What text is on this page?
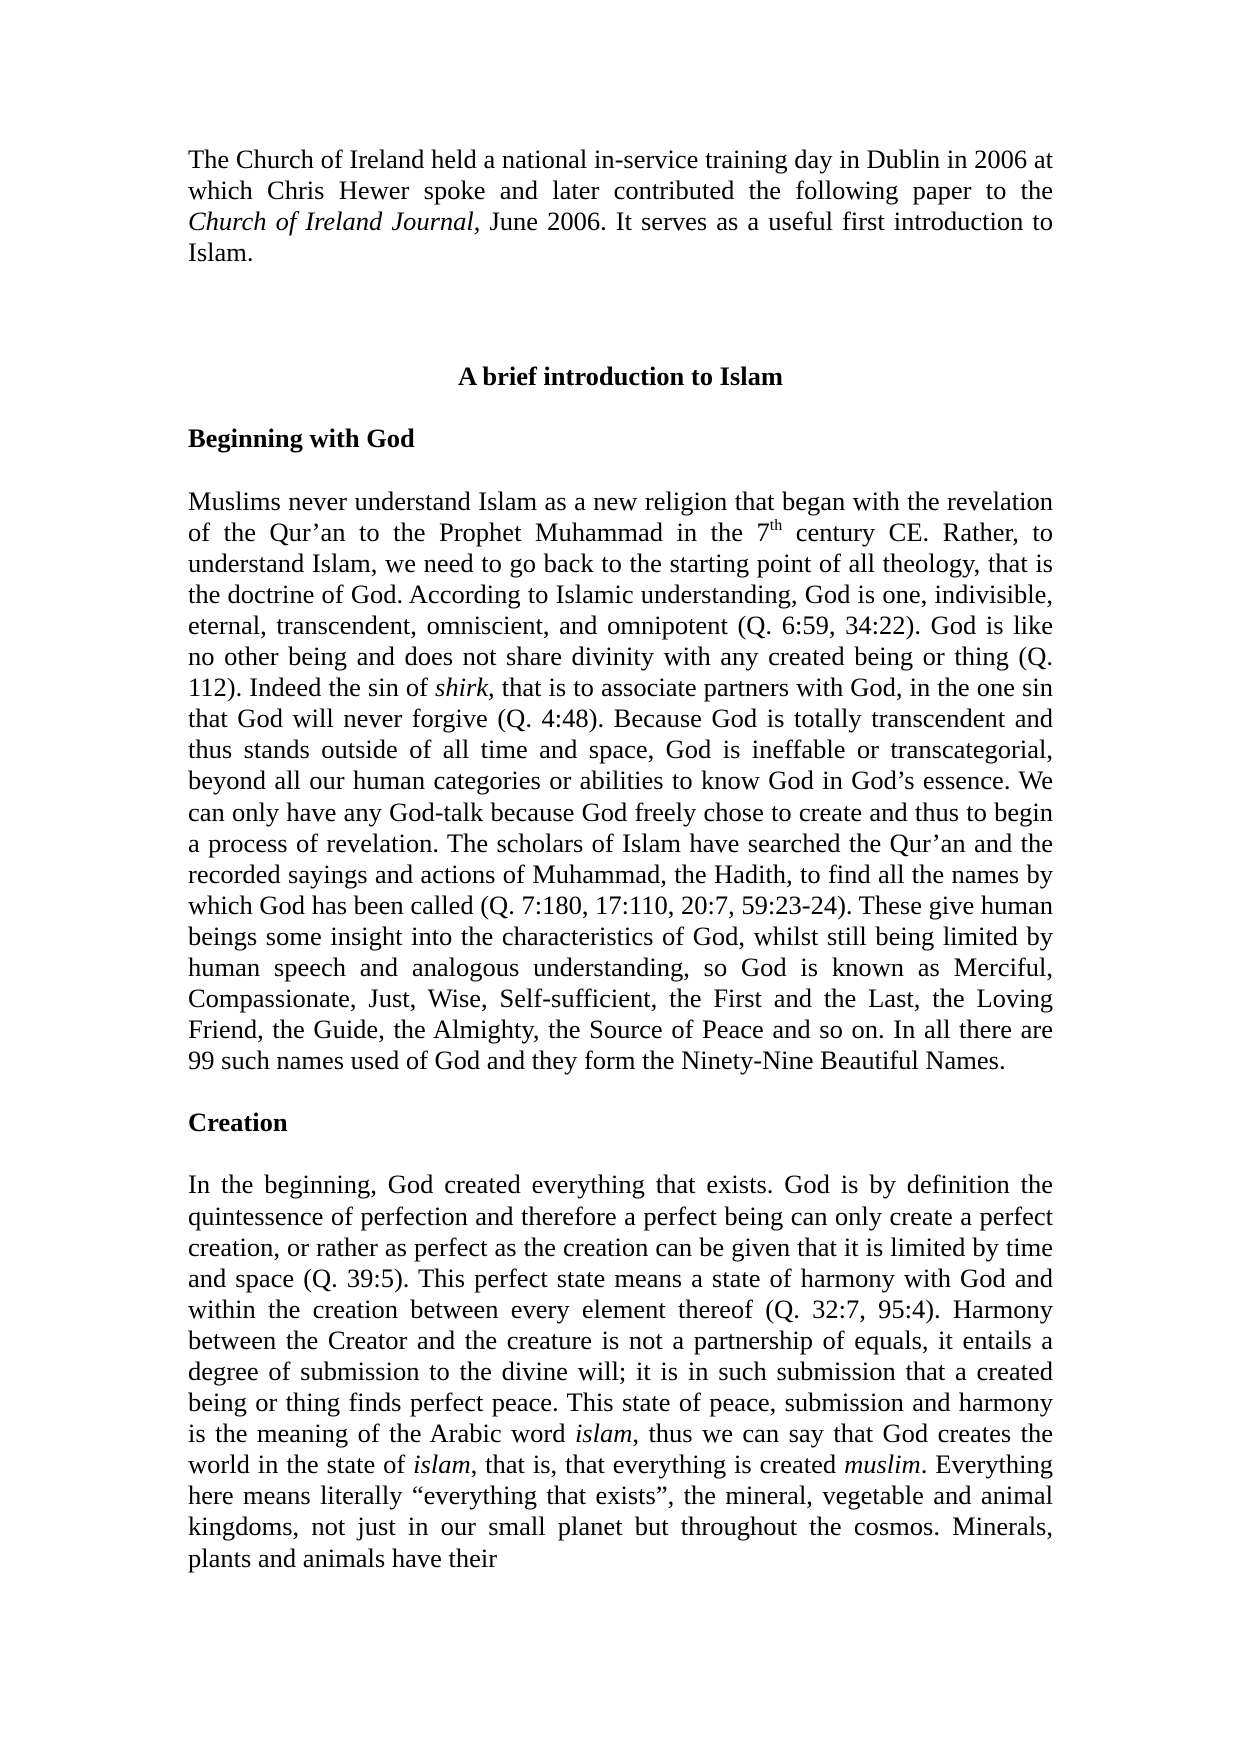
The Church of Ireland held a national in-service training day in Dublin in 2006 at which Chris Hewer spoke and later contributed the following paper to the Church of Ireland Journal, June 2006. It serves as a useful first introduction to Islam.

A brief introduction to Islam

Beginning with God

Muslims never understand Islam as a new religion that began with the revelation of the Qur’an to the Prophet Muhammad in the 7th century CE. Rather, to understand Islam, we need to go back to the starting point of all theology, that is the doctrine of God. According to Islamic understanding, God is one, indivisible, eternal, transcendent, omniscient, and omnipotent (Q. 6:59, 34:22). God is like no other being and does not share divinity with any created being or thing (Q. 112). Indeed the sin of shirk, that is to associate partners with God, in the one sin that God will never forgive (Q. 4:48). Because God is totally transcendent and thus stands outside of all time and space, God is ineffable or transcategorial, beyond all our human categories or abilities to know God in God’s essence. We can only have any God-talk because God freely chose to create and thus to begin a process of revelation. The scholars of Islam have searched the Qur’an and the recorded sayings and actions of Muhammad, the Hadith, to find all the names by which God has been called (Q. 7:180, 17:110, 20:7, 59:23-24). These give human beings some insight into the characteristics of God, whilst still being limited by human speech and analogous understanding, so God is known as Merciful, Compassionate, Just, Wise, Self-sufficient, the First and the Last, the Loving Friend, the Guide, the Almighty, the Source of Peace and so on. In all there are 99 such names used of God and they form the Ninety-Nine Beautiful Names.

Creation

In the beginning, God created everything that exists. God is by definition the quintessence of perfection and therefore a perfect being can only create a perfect creation, or rather as perfect as the creation can be given that it is limited by time and space (Q. 39:5). This perfect state means a state of harmony with God and within the creation between every element thereof (Q. 32:7, 95:4). Harmony between the Creator and the creature is not a partnership of equals, it entails a degree of submission to the divine will; it is in such submission that a created being or thing finds perfect peace. This state of peace, submission and harmony is the meaning of the Arabic word islam, thus we can say that God creates the world in the state of islam, that is, that everything is created muslim. Everything here means literally “everything that exists”, the mineral, vegetable and animal kingdoms, not just in our small planet but throughout the cosmos. Minerals, plants and animals have their
